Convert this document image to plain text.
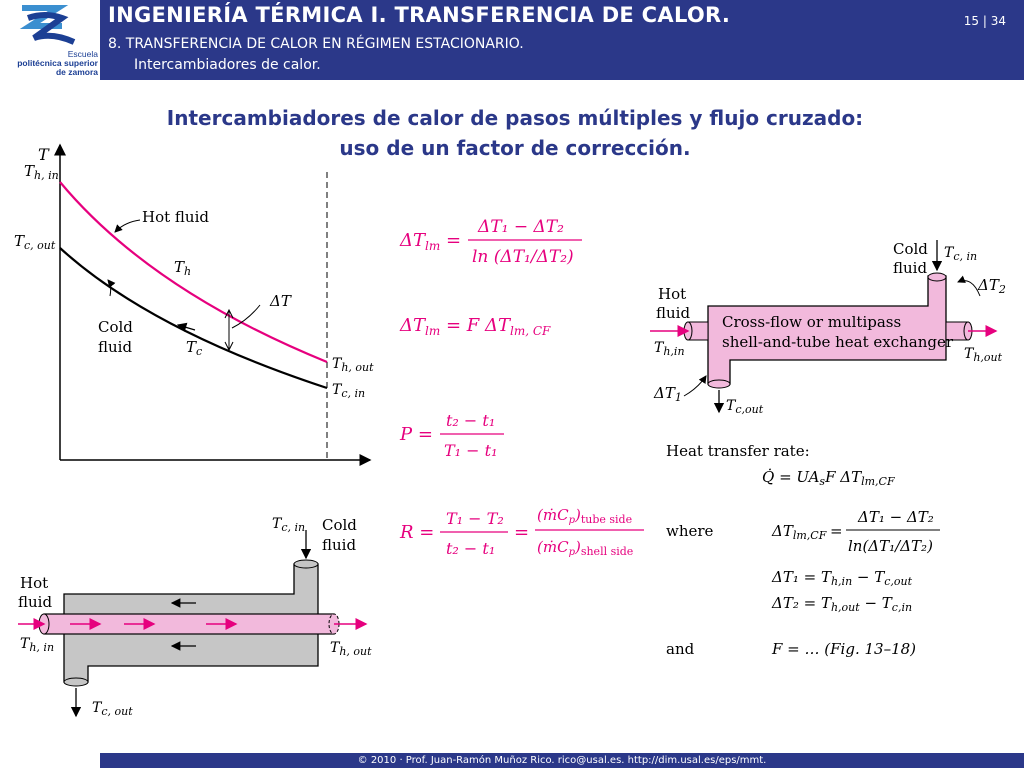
Escuela
politécnica superior
de zamora
INGENIERÍA TÉRMICA I. TRANSFERENCIA DE CALOR.
8. TRANSFERENCIA DE CALOR EN RÉGIMEN ESTACIONARIO.
Intercambiadores de calor.
15 | 34
Intercambiadores de calor de pasos múltiples y flujo cruzado:
uso de un factor de corrección.
T
$T_{h, in}$
$T_{c, out}$
Hot fluid
$T_h$
ΔT
Cold
fluid	$T_c$
$T_{h, out}$
$T_{c, in}$
$\Delta T_{lm}$ =
ΔT₁ − ΔT₂
ln (ΔT₁/ΔT₂)
$\Delta T_{lm} = F$ $\Delta T_{lm, CF}$
P =
t₂ − t₁
T₁ − t₁
R =
T₁ − T₂
t₂ − t₁
=
$(ṁC_p)_{tube side}$
$(ṁC_p)_{shell side}$
Cold
fluid
$T_{c, in}$
$\Delta T_2$
Hot
fluid Cross-flow or multipass
shell-and-tube heat exchanger
$T_{h,in}$	$T_{h,out}$
$\Delta T_1$
$T_{c,out}$
Heat transfer rate:
Q̇ = $UA_sF$ $\Delta T_{lm,CF}$
where	$\Delta T_{lm,CF}$ =
ΔT₁ − ΔT₂
ln(ΔT₁/ΔT₂)
$\Delta T_1 = T_{h,in} - T_{c,out}$
$\Delta T_2 = T_{h,out} - T_{c,in}$
and	F = … (Fig. 13–18)
$T_{c, in}$ Cold
fluid
Hot
fluid
$T_{h, in}$	$T_{h, out}$
$T_{c, out}$
© 2010 · Prof. Juan-Ramón Muñoz Rico. rico@usal.es. http://dim.usal.es/eps/mmt.
